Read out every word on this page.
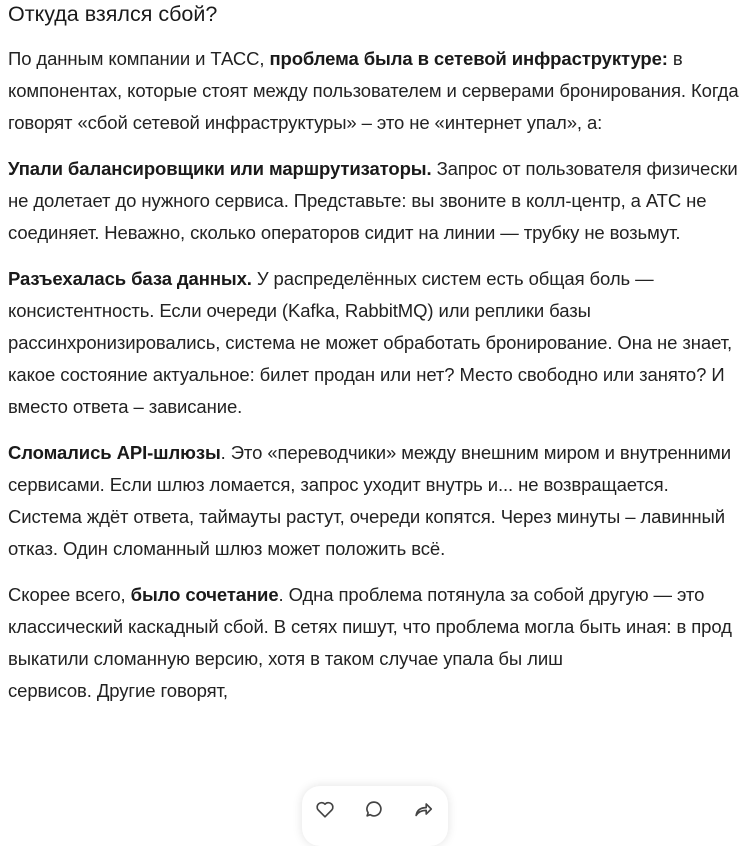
Откуда взялся сбой?

По данным компании и ТАСС, проблема была в сетевой инфраструктуре: в компонентах, которые стоят между пользователем и серверами бронирования. Когда говорят «сбой сетевой инфраструктуры» – это не «интернет упал», а:

Упали балансировщики или маршрутизаторы. Запрос от пользователя физически не долетает до нужного сервиса. Представьте: вы звоните в колл-центр, а АТС не соединяет. Неважно, сколько операторов сидит на линии — трубку не возьмут.

Разъехалась база данных. У распределённых систем есть общая боль — консистентность. Если очереди (Kafka, RabbitMQ) или реплики базы рассинхронизировались, система не может обработать бронирование. Она не знает, какое состояние актуальное: билет продан или нет? Место свободно или занято? И вместо ответа – зависание.

Сломались API-шлюзы. Это «переводчики» между внешним миром и внутренними сервисами. Если шлюз ломается, запрос уходит внутрь и... не возвращается. Система ждёт ответа, таймауты растут, очереди копятся. Через минуты – лавинный отказ. Один сломанный шлюз может положить всё.

Скорее всего, было сочетание. Одна проблема потянула за собой другую — это классический каскадный сбой. В сетях пишут, что проблема могла быть иная: в прод выкатили сломанную версию, хотя в таком случае упала бы лишсервисов. Другие говорят,
